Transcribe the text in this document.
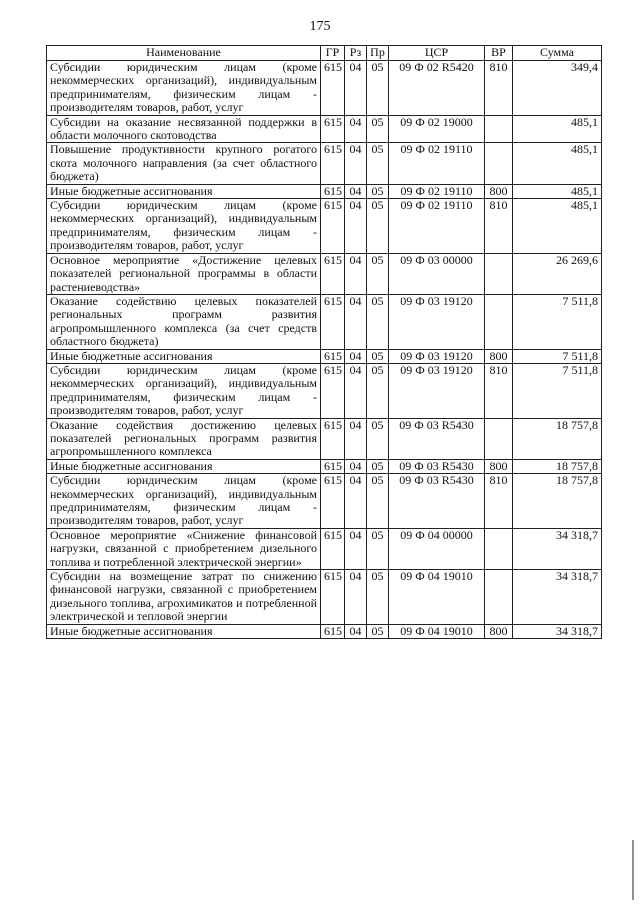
175
Наименование	ГР	Рз	Пр	ЦСР	ВР	Сумма
Субсидии юридическим лицам (кроме некоммерческих организаций), индивидуальным предпринимателям, физическим лицам - производителям товаров, работ, услуг	615	04	05	09 Ф 02 R5420	810	349,4
Субсидии на оказание несвязанной поддержки в области молочного скотоводства	615	04	05	09 Ф 02 19000		485,1
Повышение продуктивности крупного рогатого скота молочного направления (за счет областного бюджета)	615	04	05	09 Ф 02 19110		485,1
Иные бюджетные ассигнования	615	04	05	09 Ф 02 19110	800	485,1
Субсидии юридическим лицам (кроме некоммерческих организаций), индивидуальным предпринимателям, физическим лицам - производителям товаров, работ, услуг	615	04	05	09 Ф 02 19110	810	485,1
Основное мероприятие «Достижение целевых показателей региональной программы в области растениеводства»	615	04	05	09 Ф 03 00000		26 269,6
Оказание содействию целевых показателей региональных программ развития агропромышленного комплекса (за счет средств областного бюджета)	615	04	05	09 Ф 03 19120		7 511,8
Иные бюджетные ассигнования	615	04	05	09 Ф 03 19120	800	7 511,8
Субсидии юридическим лицам (кроме некоммерческих организаций), индивидуальным предпринимателям, физическим лицам - производителям товаров, работ, услуг	615	04	05	09 Ф 03 19120	810	7 511,8
Оказание содействия достижению целевых показателей региональных программ развития агропромышленного комплекса	615	04	05	09 Ф 03 R5430		18 757,8
Иные бюджетные ассигнования	615	04	05	09 Ф 03 R5430	800	18 757,8
Субсидии юридическим лицам (кроме некоммерческих организаций), индивидуальным предпринимателям, физическим лицам - производителям товаров, работ, услуг	615	04	05	09 Ф 03 R5430	810	18 757,8
Основное мероприятие «Снижение финансовой нагрузки, связанной с приобретением дизельного топлива и потребленной электрической энергии»	615	04	05	09 Ф 04 00000		34 318,7
Субсидии на возмещение затрат по снижению финансовой нагрузки, связанной с приобретением дизельного топлива, агрохимикатов и потребленной электрической и тепловой энергии	615	04	05	09 Ф 04 19010		34 318,7
Иные бюджетные ассигнования	615	04	05	09 Ф 04 19010	800	34 318,7
